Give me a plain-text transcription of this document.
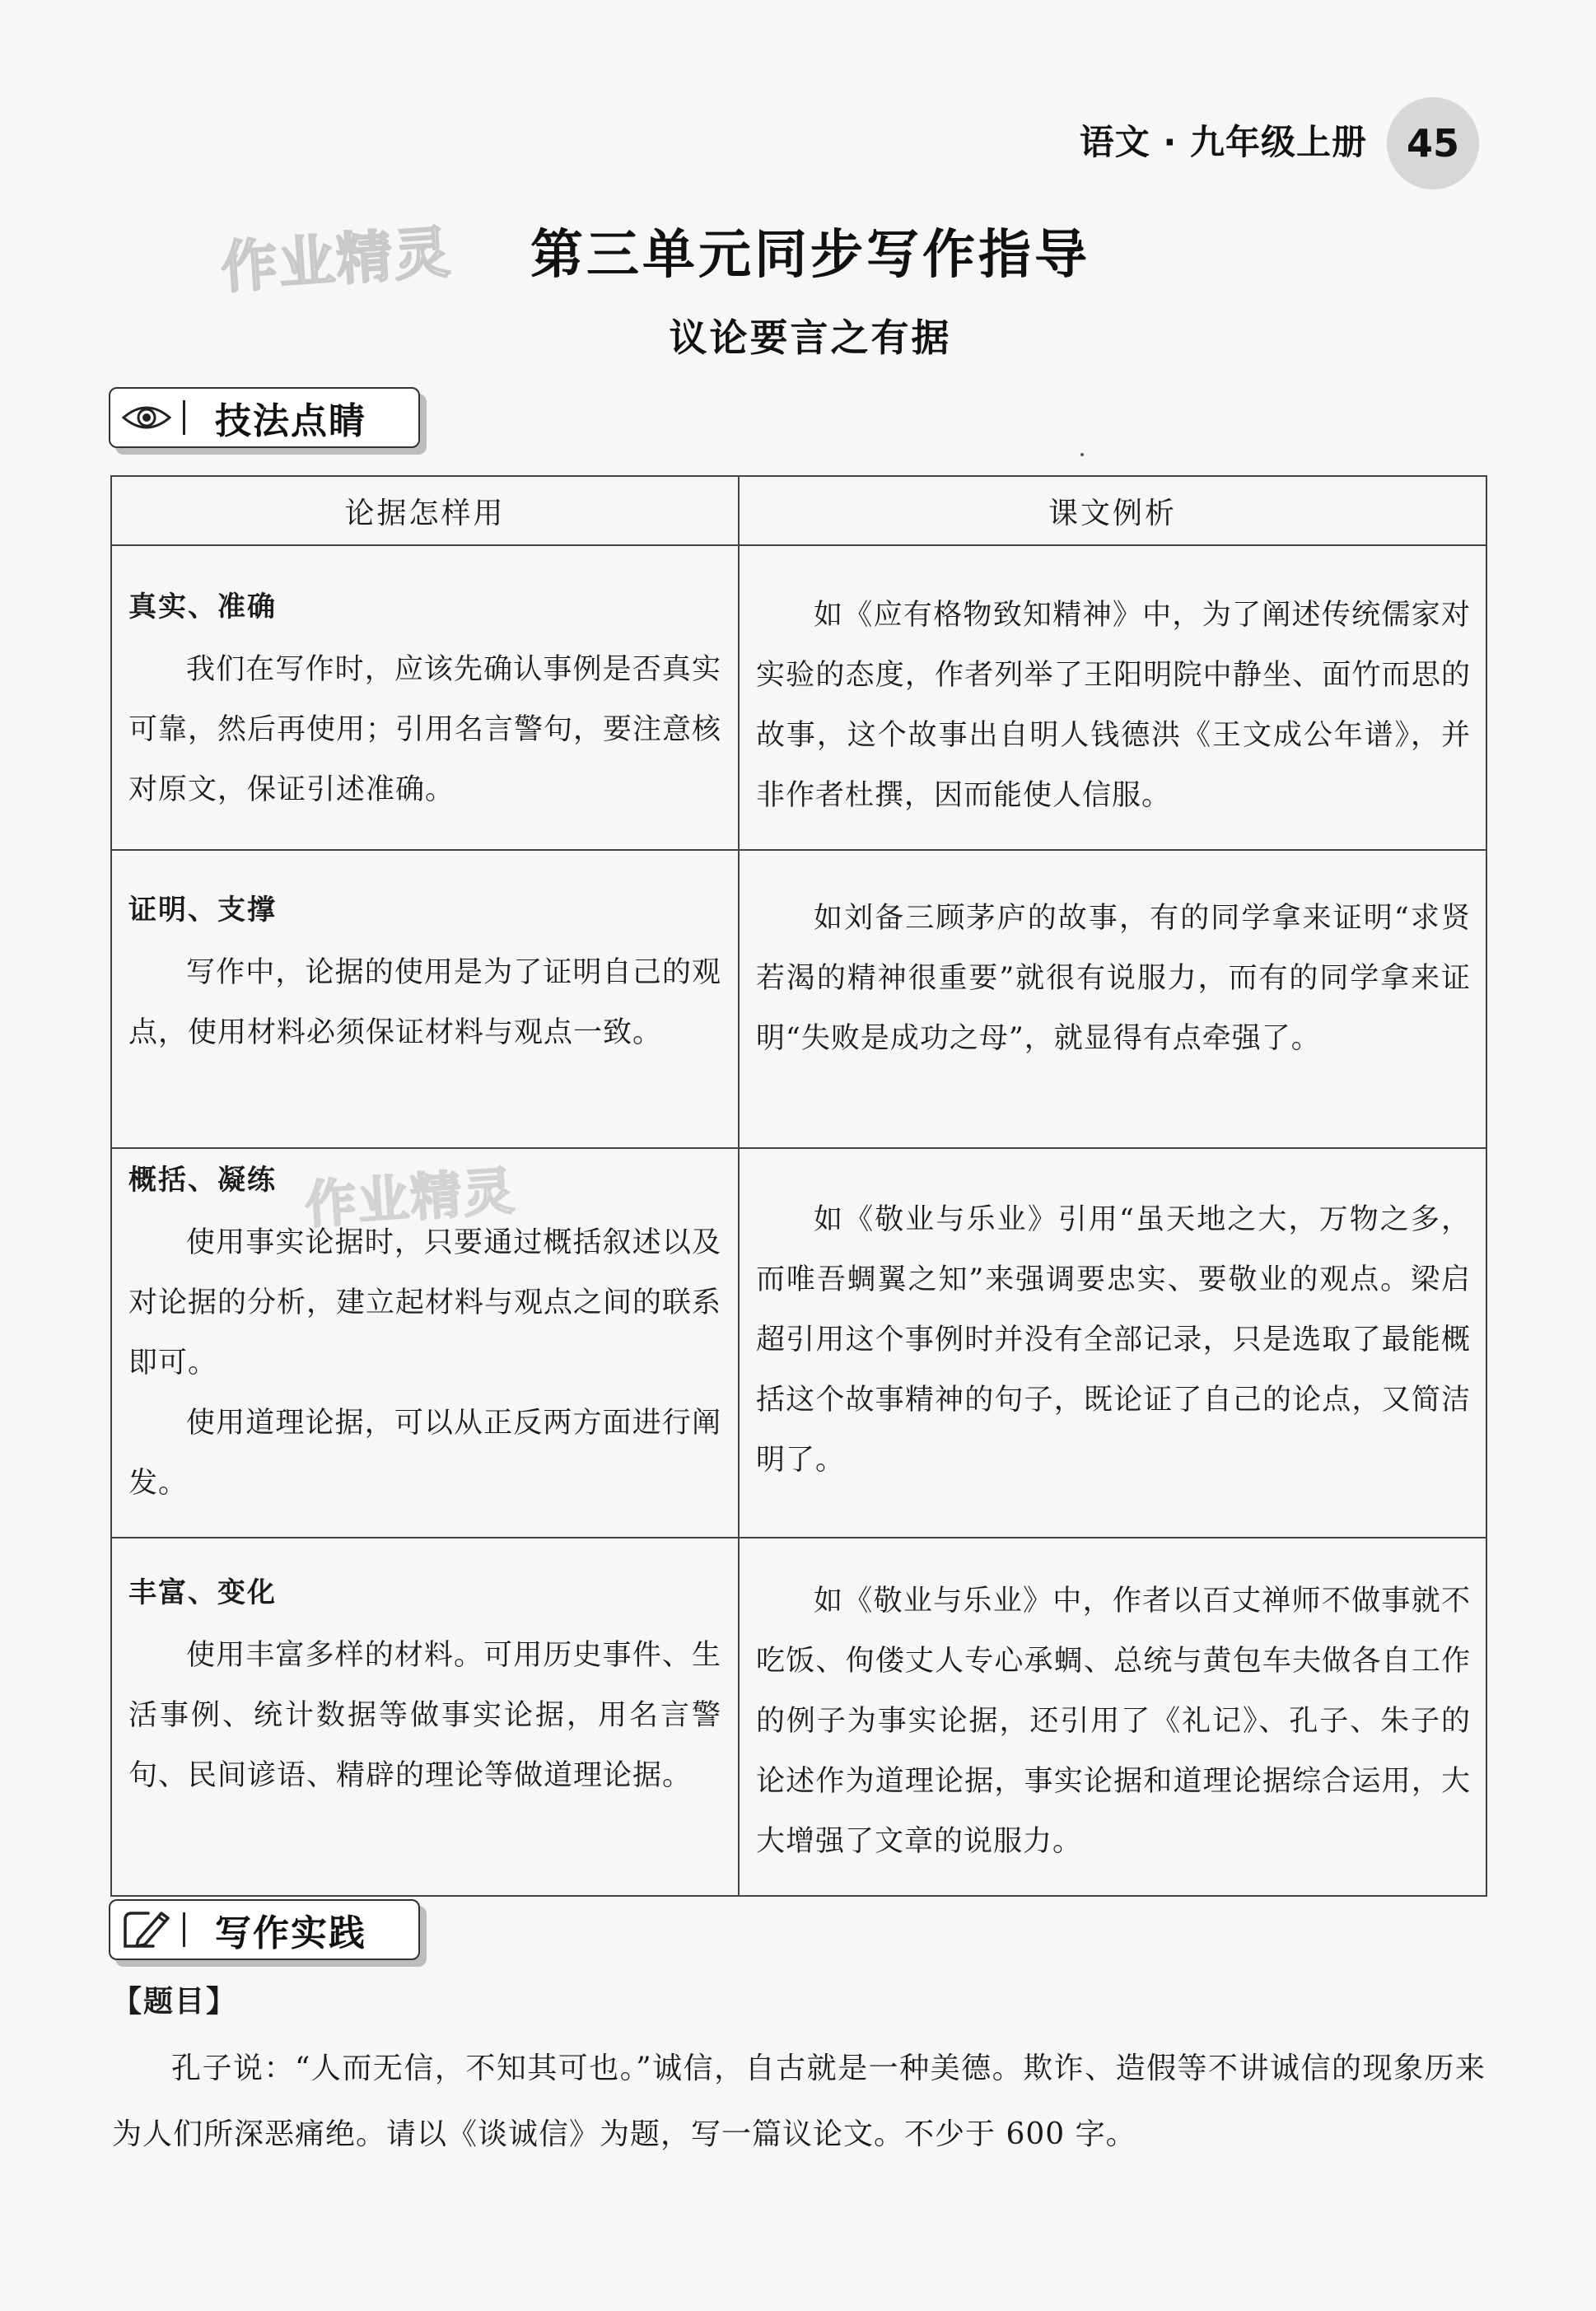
语文 · 九年级上册	45
作业精灵
作业精灵
第三单元同步写作指导
议论要言之有据
技法点睛
论据怎样用	课文例析

真实、准确

我们在写作时，应该先确认事例是否真实可靠，然后再使用；引用名言警句，要注意核对原文，保证引述准确。	如《应有格物致知精神》中，为了阐述传统儒家对实验的态度，作者列举了王阳明院中静坐、面竹而思的故事，这个故事出自明人钱德洪《王文成公年谱》，并非作者杜撰，因而能使人信服。

证明、支撑

写作中，论据的使用是为了证明自己的观点，使用材料必须保证材料与观点一致。	如刘备三顾茅庐的故事，有的同学拿来证明“求贤若渴的精神很重要”就很有说服力，而有的同学拿来证明“失败是成功之母”，就显得有点牵强了。

概括、凝练

使用事实论据时，只要通过概括叙述以及对论据的分析，建立起材料与观点之间的联系即可。

使用道理论据，可以从正反两方面进行阐发。	如《敬业与乐业》引用“虽天地之大，万物之多，而唯吾蜩翼之知”来强调要忠实、要敬业的观点。梁启超引用这个事例时并没有全部记录，只是选取了最能概括这个故事精神的句子，既论证了自己的论点，又简洁明了。

丰富、变化

使用丰富多样的材料。可用历史事件、生活事例、统计数据等做事实论据，用名言警句、民间谚语、精辟的理论等做道理论据。	如《敬业与乐业》中，作者以百丈禅师不做事就不吃饭、佝偻丈人专心承蜩、总统与黄包车夫做各自工作的例子为事实论据，还引用了《礼记》、孔子、朱子的论述作为道理论据，事实论据和道理论据综合运用，大大增强了文章的说服力。

写作实践
【题目】

孔子说：“人而无信，不知其可也。”诚信，自古就是一种美德。欺诈、造假等不讲诚信的现象历来为人们所深恶痛绝。请以《谈诚信》为题，写一篇议论文。不少于 600 字。
